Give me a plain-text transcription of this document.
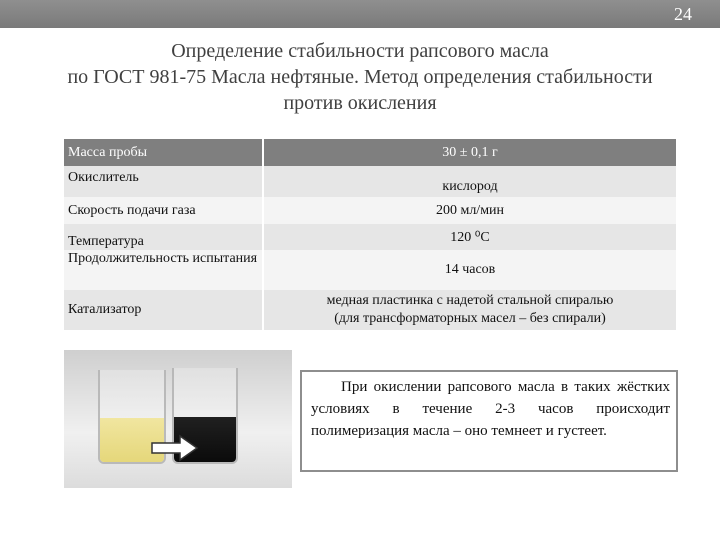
24
Определение стабильности рапсового масла
по ГОСТ 981-75 Масла нефтяные. Метод определения стабильности
против окисления
Масса пробы	30 ± 0,1 г
Окислитель	кислород
Скорость подачи газа	200 мл/мин
Температура	120 ⁰С
Продолжительность испытания	14 часов
Катализатор	медная пластинка с надетой стальной спиралью
(для трансформаторных масел – без спирали)
При окислении рапсового масла в таких жёстких условиях в течение 2-3 часов происходит полимеризация масла – оно темнеет и густеет.
